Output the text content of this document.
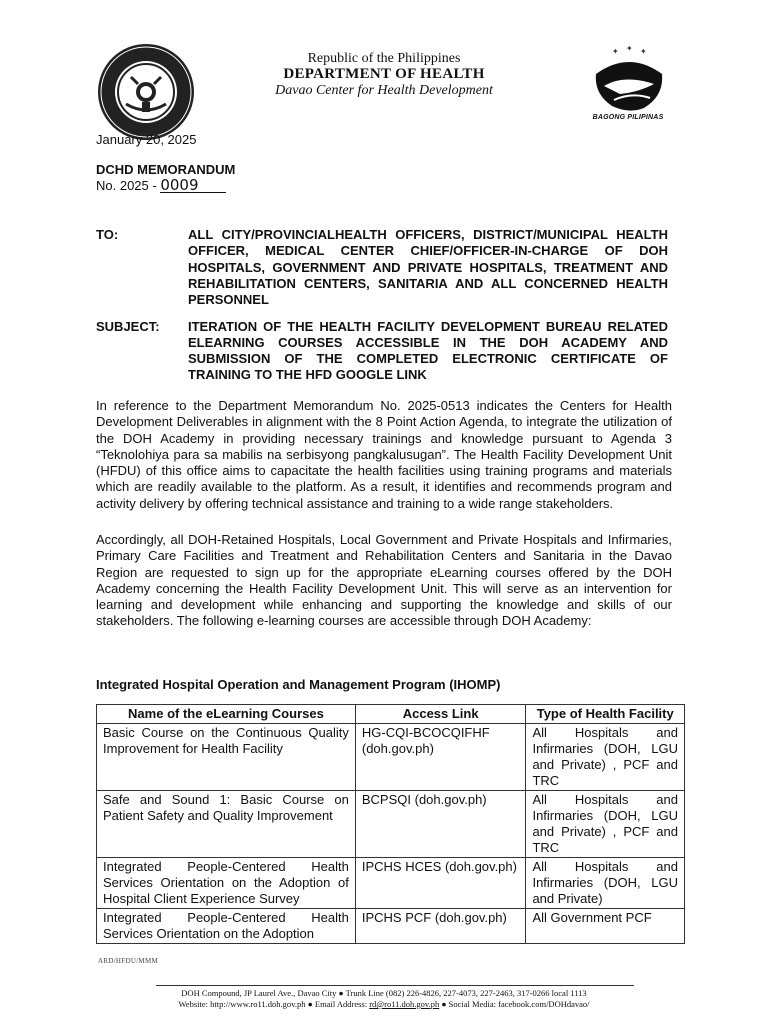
Republic of the Philippines
DEPARTMENT OF HEALTH
Davao Center for Health Development
✦ ✦ ✦
BAGONG PILIPINAS
January 20, 2025
DCHD MEMORANDUM
No. 2025 - 0009
TO:	ALL CITY/PROVINCIALHEALTH OFFICERS, DISTRICT/MUNICIPAL HEALTH OFFICER, MEDICAL CENTER CHIEF/OFFICER-IN-CHARGE OF DOH HOSPITALS, GOVERNMENT AND PRIVATE HOSPITALS, TREATMENT AND REHABILITATION CENTERS, SANITARIA AND ALL CONCERNED HEALTH PERSONNEL
SUBJECT: ITERATION OF THE HEALTH FACILITY DEVELOPMENT BUREAU RELATED ELEARNING COURSES ACCESSIBLE IN THE DOH ACADEMY AND SUBMISSION OF THE COMPLETED ELECTRONIC CERTIFICATE OF TRAINING TO THE HFD GOOGLE LINK
In reference to the Department Memorandum No. 2025-0513 indicates the Centers for Health Development Deliverables in alignment with the 8 Point Action Agenda, to integrate the utilization of the DOH Academy in providing necessary trainings and knowledge pursuant to Agenda 3 “Teknolohiya para sa mabilis na serbisyong pangkalusugan”. The Health Facility Development Unit (HFDU) of this office aims to capacitate the health facilities using training programs and materials which are readily available to the platform. As a result, it identifies and recommends program and activity delivery by offering technical assistance and training to a wide range stakeholders.
Accordingly, all DOH-Retained Hospitals, Local Government and Private Hospitals and Infirmaries, Primary Care Facilities and Treatment and Rehabilitation Centers and Sanitaria in the Davao Region are requested to sign up for the appropriate eLearning courses offered by the DOH Academy concerning the Health Facility Development Unit. This will serve as an intervention for learning and development while enhancing and supporting the knowledge and skills of our stakeholders. The following e-learning courses are accessible through DOH Academy:
Integrated Hospital Operation and Management Program (IHOMP)
Name of the eLearning Courses	Access Link	Type of Health Facility
Basic Course on the Continuous Quality Improvement for Health Facility	HG-CQI-BCOCQIFHF (doh.gov.ph)	All Hospitals and Infirmaries (DOH, LGU and Private) , PCF and TRC
Safe and Sound 1: Basic Course on Patient Safety and Quality Improvement	BCPSQI (doh.gov.ph)	All Hospitals and Infirmaries (DOH, LGU and Private) , PCF and TRC
Integrated People-Centered Health Services Orientation on the Adoption of Hospital Client Experience Survey	IPCHS HCES (doh.gov.ph)	All Hospitals and Infirmaries (DOH, LGU and Private)
Integrated People-Centered Health Services Orientation on the Adoption	IPCHS PCF (doh.gov.ph)	All Government PCF
ARD/HFDU/MMM
DOH Compound, JP Laurel Ave., Davao City ● Trunk Line (082) 226-4826, 227-4073, 227-2463, 317-0266 local 1113
Website: http://www.ro11.doh.gov.ph ● Email Address: rd@ro11.doh.gov.ph ● Social Media: facebook.com/DOHdavao/
